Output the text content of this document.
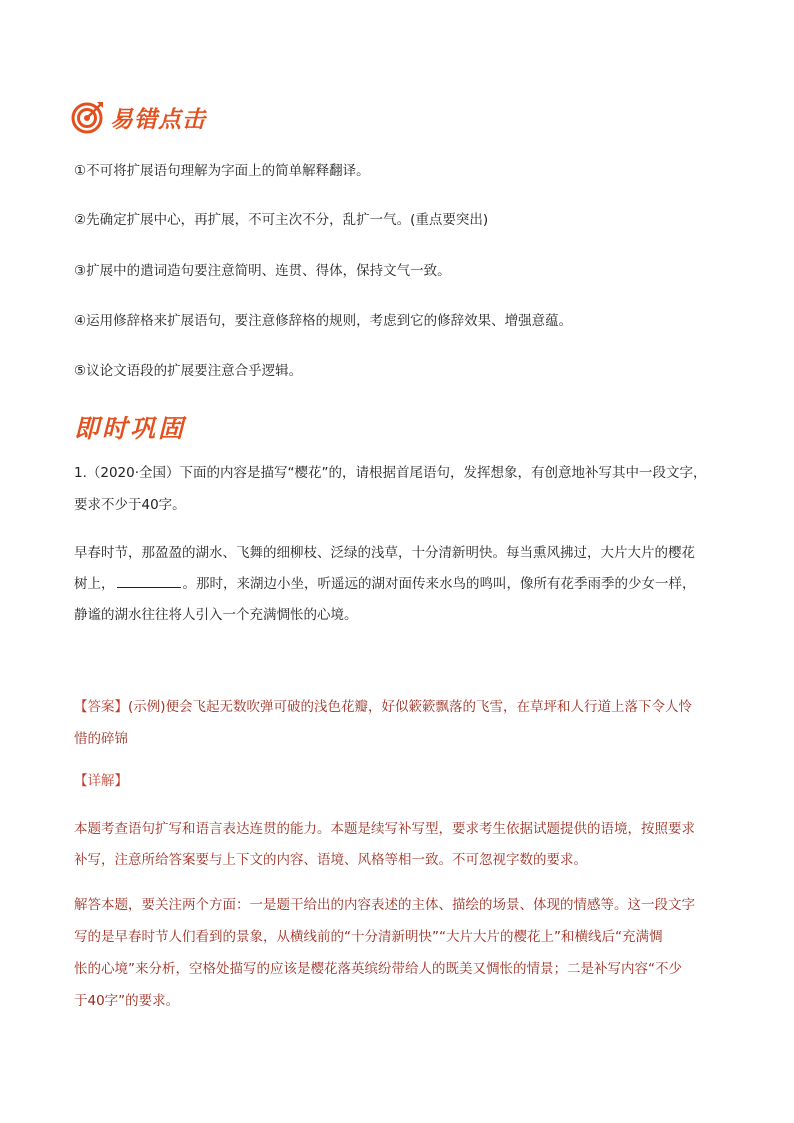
易错点击
①不可将扩展语句理解为字面上的简单解释翻译。
②先确定扩展中心，再扩展，不可主次不分，乱扩一气。(重点要突出)
③扩展中的遣词造句要注意简明、连贯、得体，保持文气一致。
④运用修辞格来扩展语句，要注意修辞格的规则，考虑到它的修辞效果、增强意蕴。
⑤议论文语段的扩展要注意合乎逻辑。
即时巩固
1.（2020·全国）下面的内容是描写“樱花”的，请根据首尾语句，发挥想象，有创意地补写其中一段文字，
要求不少于40字。
早春时节，那盈盈的湖水、飞舞的细柳枝、泛绿的浅草，十分清新明快。每当熏风拂过，大片大片的樱花
树上，	。那时，来湖边小坐，听遥远的湖对面传来水鸟的鸣叫，像所有花季雨季的少女一样，
静谧的湖水往往将人引入一个充满惆怅的心境。
【答案】(示例)便会飞起无数吹弹可破的浅色花瓣，好似簌簌飘落的飞雪，在草坪和人行道上落下令人怜
惜的碎锦
【详解】
本题考查语句扩写和语言表达连贯的能力。本题是续写补写型，要求考生依据试题提供的语境，按照要求
补写，注意所给答案要与上下文的内容、语境、风格等相一致。不可忽视字数的要求。
解答本题，要关注两个方面：一是题干给出的内容表述的主体、描绘的场景、体现的情感等。这一段文字
写的是早春时节人们看到的景象，从横线前的“十分清新明快”“大片大片的樱花上”和横线后“充满惆
怅的心境”来分析，空格处描写的应该是樱花落英缤纷带给人的既美又惆怅的情景；二是补写内容“不少
于40字”的要求。
